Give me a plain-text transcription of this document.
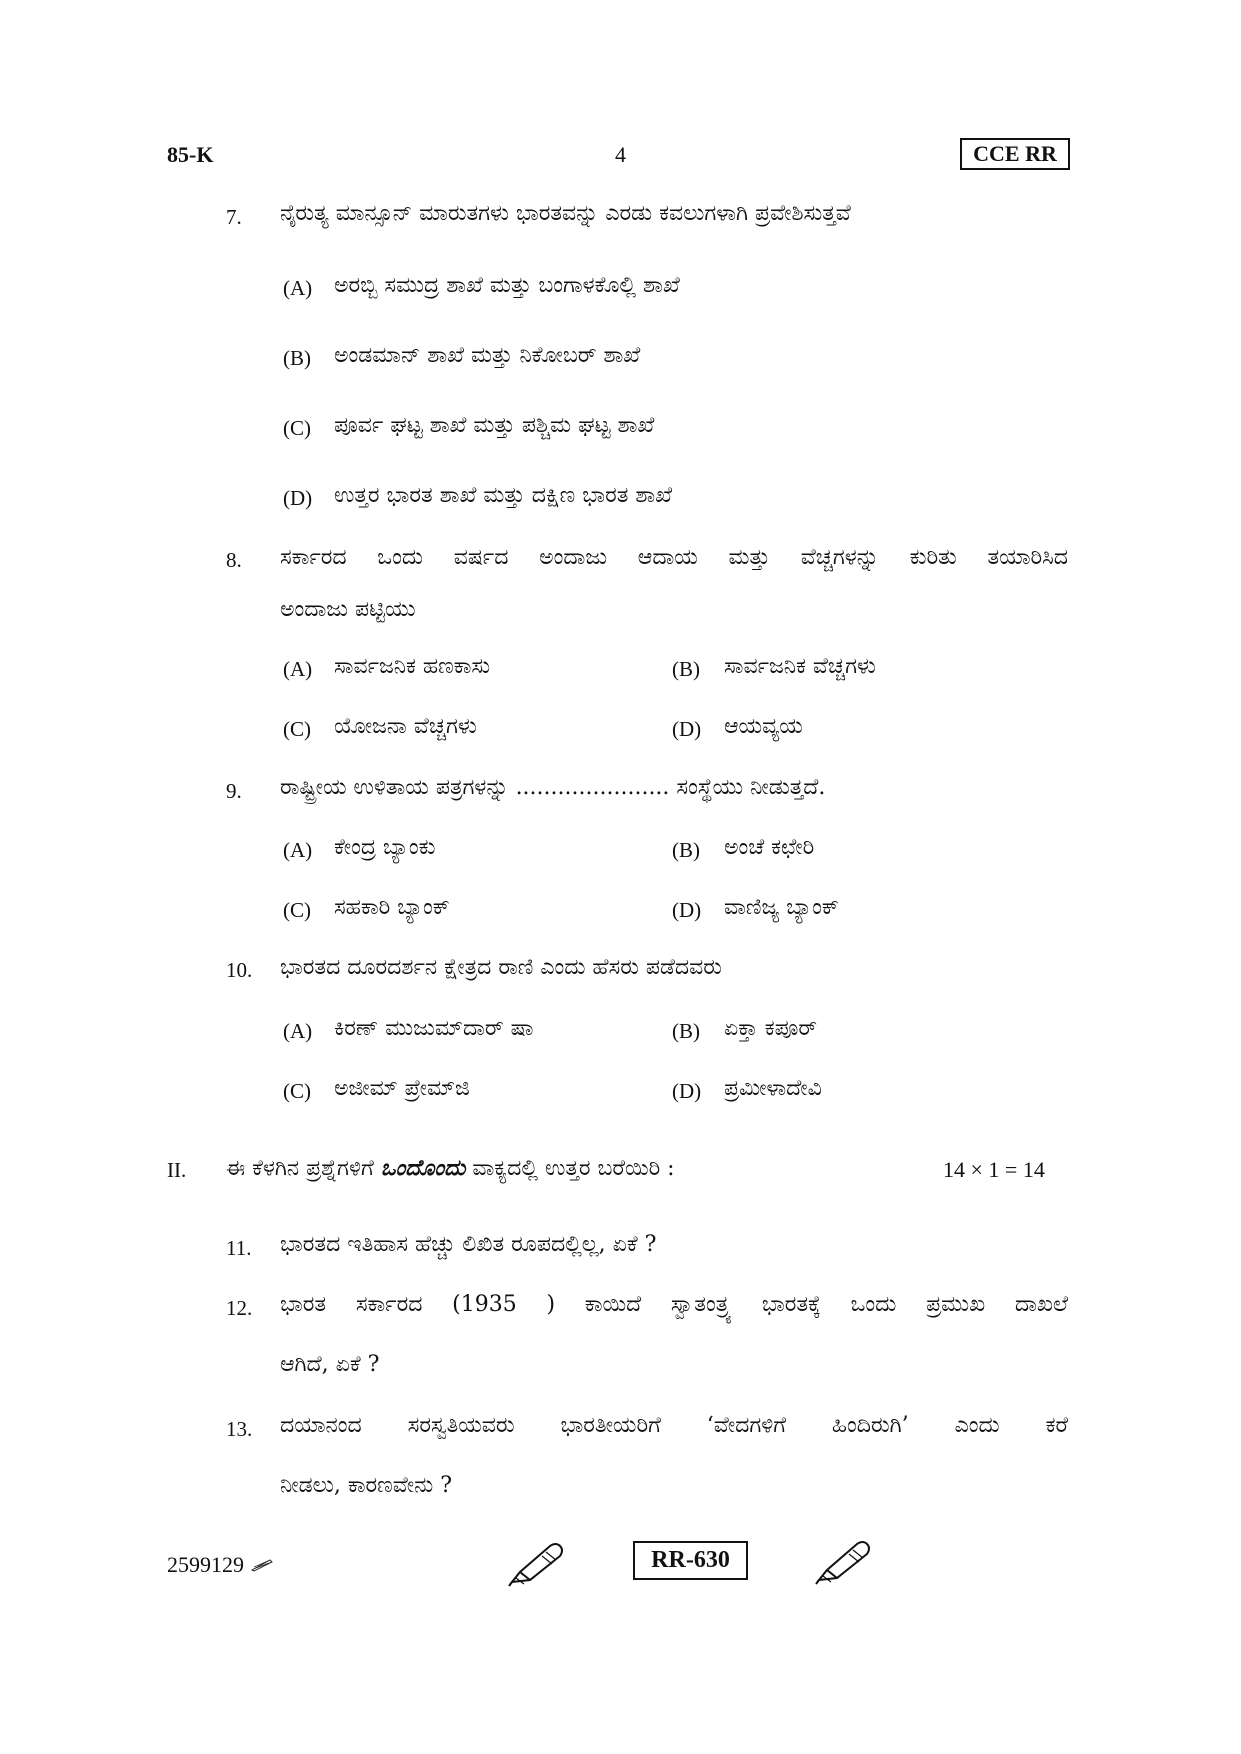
85-K	4	CCE RR
7. ನೈರುತ್ಯ ಮಾನ್ಸೂನ್ ಮಾರುತಗಳು ಭಾರತವನ್ನು ಎರಡು ಕವಲುಗಳಾಗಿ ಪ್ರವೇಶಿಸುತ್ತವೆ
(A) ಅರಬ್ಬಿ ಸಮುದ್ರ ಶಾಖೆ ಮತ್ತು ಬಂಗಾಳಕೊಲ್ಲಿ ಶಾಖೆ
(B) ಅಂಡಮಾನ್ ಶಾಖೆ ಮತ್ತು ನಿಕೋಬರ್ ಶಾಖೆ
(C) ಪೂರ್ವ ಘಟ್ಟ ಶಾಖೆ ಮತ್ತು ಪಶ್ಚಿಮ ಘಟ್ಟ ಶಾಖೆ
(D) ಉತ್ತರ ಭಾರತ ಶಾಖೆ ಮತ್ತು ದಕ್ಷಿಣ ಭಾರತ ಶಾಖೆ
8. ಸರ್ಕಾರದ ಒಂದು ವರ್ಷದ ಅಂದಾಜು ಆದಾಯ ಮತ್ತು ವೆಚ್ಚಗಳನ್ನು ಕುರಿತು ತಯಾರಿಸಿದ
ಅಂದಾಜು ಪಟ್ಟಿಯು
(A) ಸಾರ್ವಜನಿಕ ಹಣಕಾಸು	(B) ಸಾರ್ವಜನಿಕ ವೆಚ್ಚಗಳು
(C) ಯೋಜನಾ ವೆಚ್ಚಗಳು	(D) ಆಯವ್ಯಯ
9. ರಾಷ್ಟ್ರೀಯ ಉಳಿತಾಯ ಪತ್ರಗಳನ್ನು ...................... ಸಂಸ್ಥೆಯು ನೀಡುತ್ತದೆ.
(A) ಕೇಂದ್ರ ಬ್ಯಾಂಕು	(B) ಅಂಚೆ ಕಛೇರಿ
(C) ಸಹಕಾರಿ ಬ್ಯಾಂಕ್	(D) ವಾಣಿಜ್ಯ ಬ್ಯಾಂಕ್
10. ಭಾರತದ ದೂರದರ್ಶನ ಕ್ಷೇತ್ರದ ರಾಣಿ ಎಂದು ಹೆಸರು ಪಡೆದವರು
(A) ಕಿರಣ್ ಮುಜುಮ್‌ದಾರ್ ಷಾ	(B) ಏಕ್ತಾ ಕಪೂರ್
(C) ಅಜೀಮ್ ಪ್ರೇಮ್‌ಜಿ	(D) ಪ್ರಮೀಳಾದೇವಿ
II. ಈ ಕೆಳಗಿನ ಪ್ರಶ್ನೆಗಳಿಗೆ ಒಂದೊಂದು ವಾಕ್ಯದಲ್ಲಿ ಉತ್ತರ ಬರೆಯಿರಿ :	14 × 1 = 14
11. ಭಾರತದ ಇತಿಹಾಸ ಹೆಚ್ಚು ಲಿಖಿತ ರೂಪದಲ್ಲಿಲ್ಲ, ಏಕೆ ?
12. ಭಾರತ ಸರ್ಕಾರದ (1935 ) ಕಾಯಿದೆ ಸ್ವಾತಂತ್ರ್ಯ ಭಾರತಕ್ಕೆ ಒಂದು ಪ್ರಮುಖ ದಾಖಲೆ
ಆಗಿದೆ, ಏಕೆ ?
13. ದಯಾನಂದ ಸರಸ್ವತಿಯವರು ಭಾರತೀಯರಿಗೆ ‘ವೇದಗಳಿಗೆ ಹಿಂದಿರುಗಿ’ ಎಂದು ಕರೆ
ನೀಡಲು, ಕಾರಣವೇನು ?
2599129	RR-630
